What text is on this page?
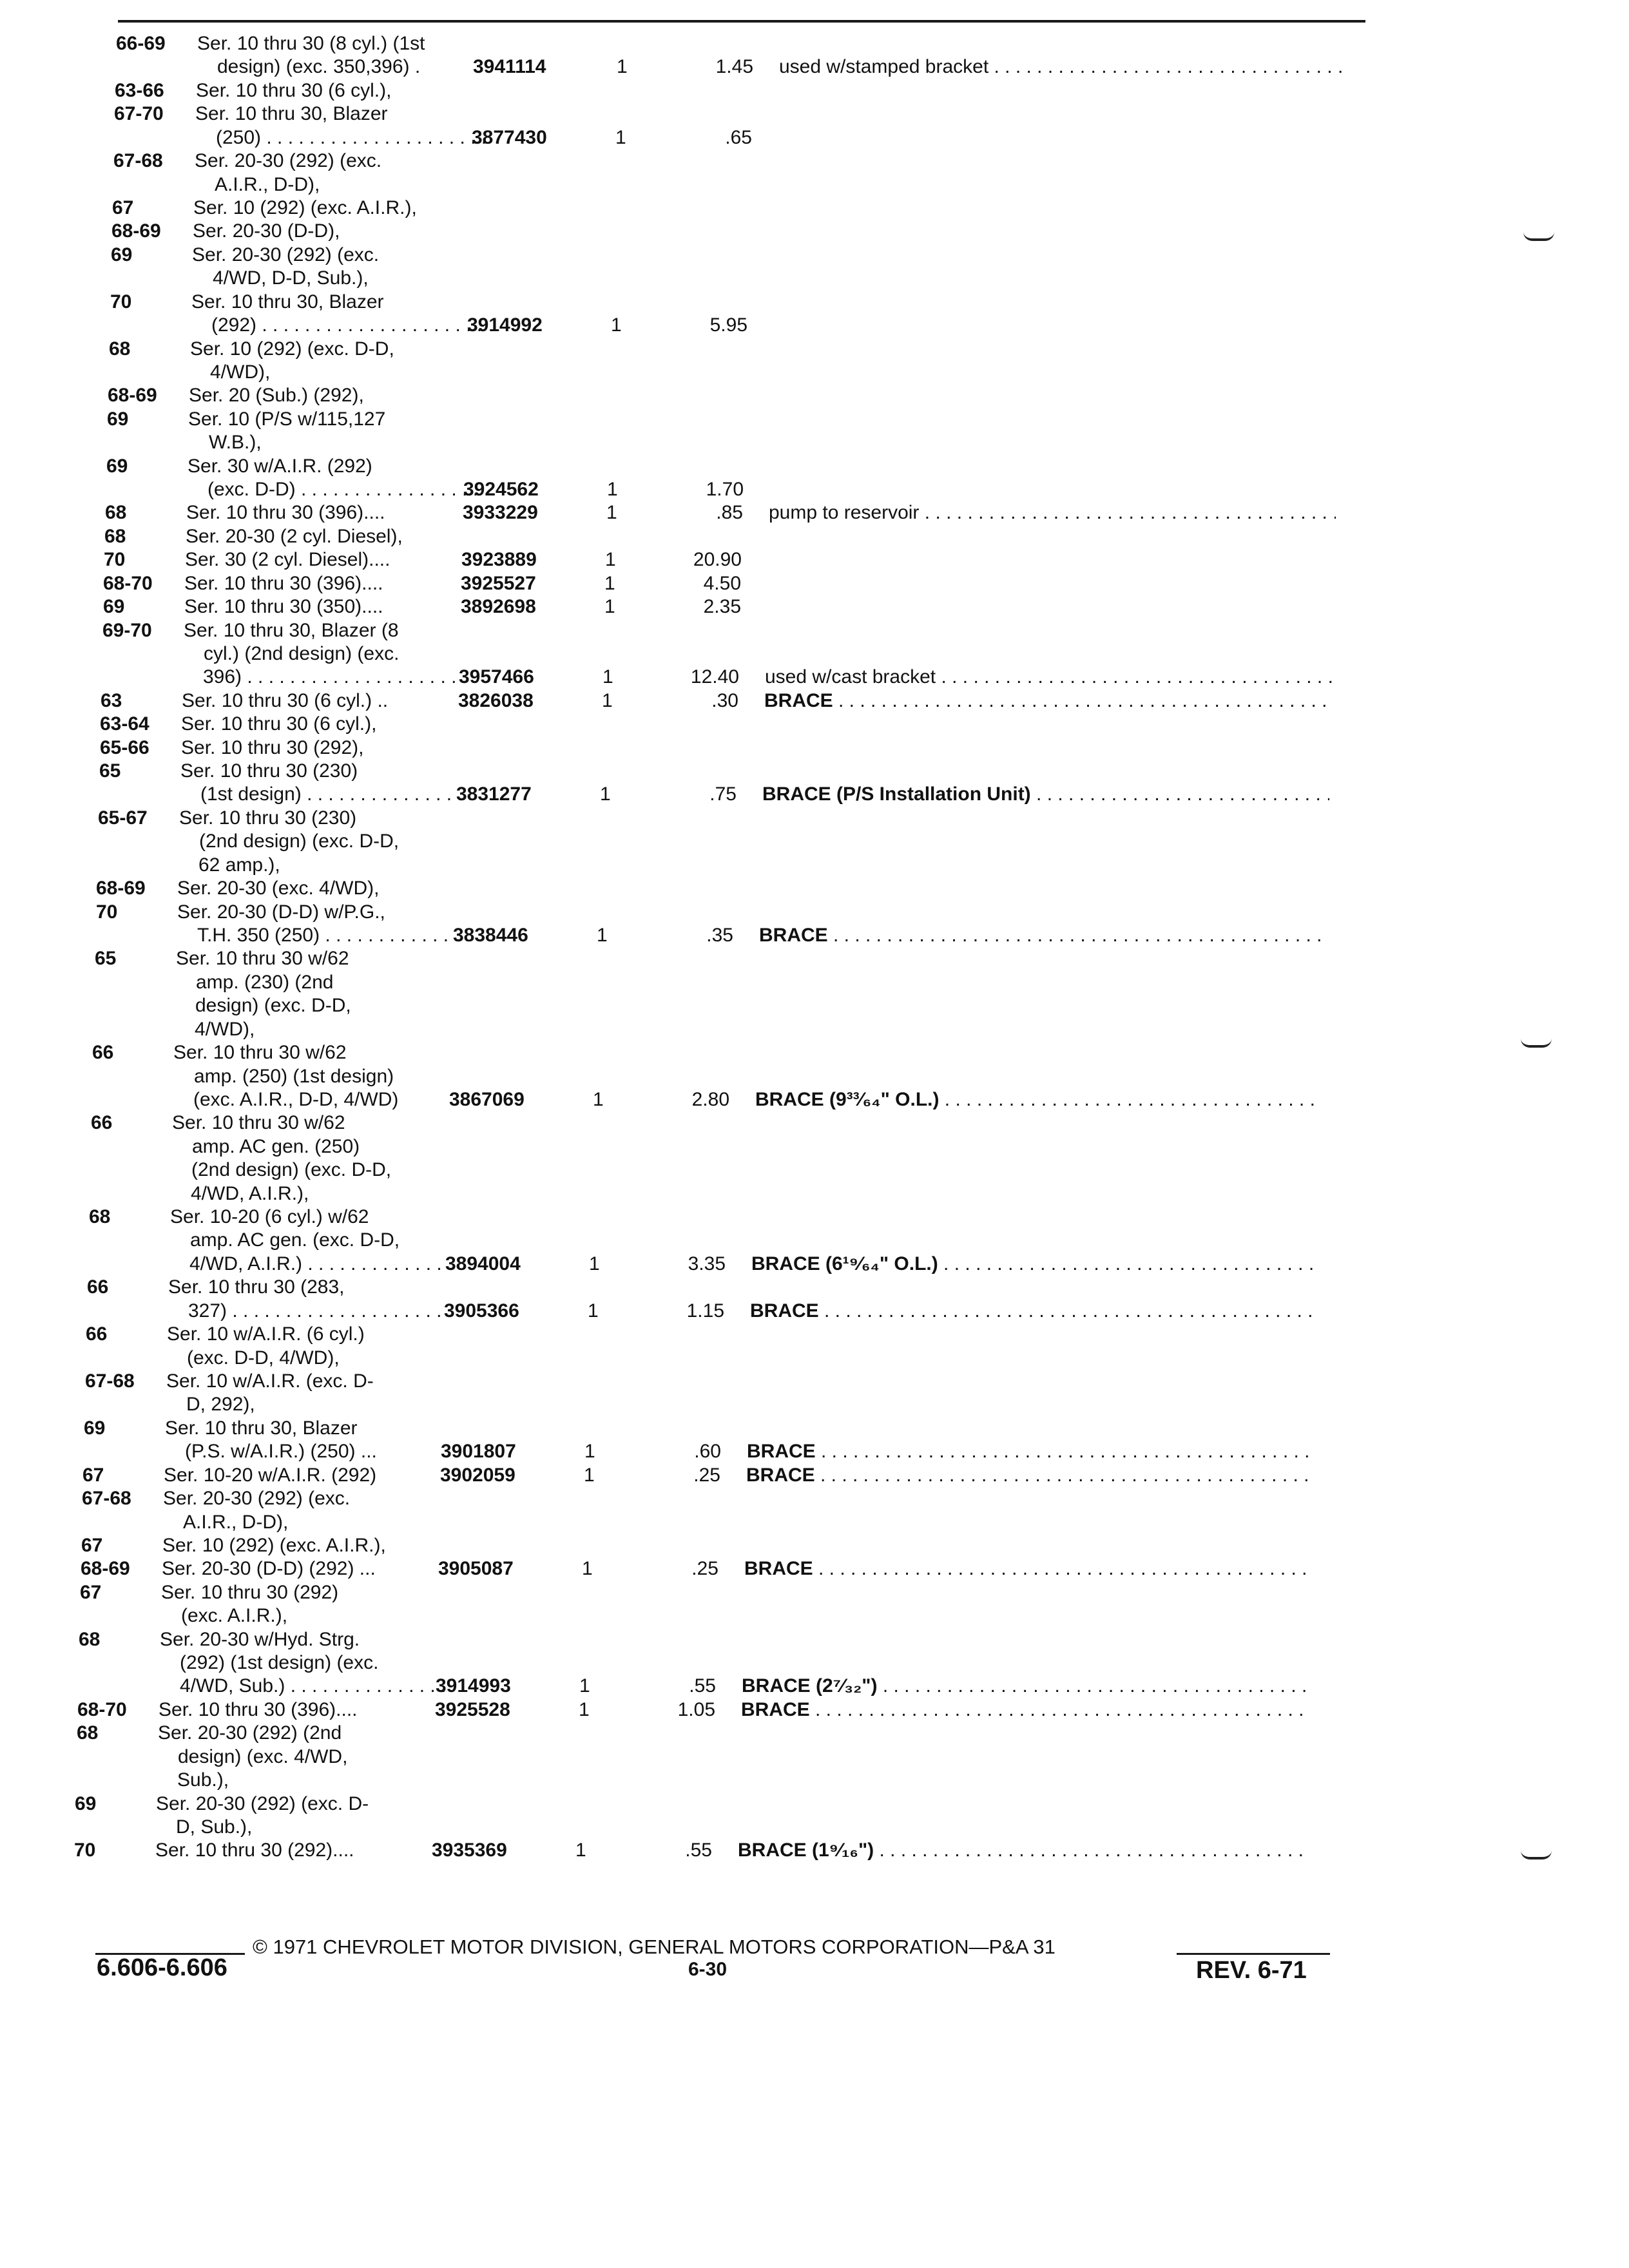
66-69	Ser. 10 thru 30 (8 cyl.) (1st
design) (exc. 350,396) .	3941114	1	1.45 used w/stamped bracket . . .
63-66	Ser. 10 thru 30 (6 cyl.),
67-70	Ser. 10 thru 30, Blazer
(250) . . .	3877430	1	.65
67-68	Ser. 20-30 (292) (exc.
A.I.R., D-D),
67	Ser. 10 (292) (exc. A.I.R.),
68-69	Ser. 20-30 (D-D),
69	Ser. 20-30 (292) (exc.
4/WD, D-D, Sub.),
70	Ser. 10 thru 30, Blazer
(292) . . .	3914992	1	5.95
68	Ser. 10 (292) (exc. D-D,
4/WD),
68-69	Ser. 20 (Sub.) (292),
69	Ser. 10 (P/S w/115,127
W.B.),
69	Ser. 30 w/A.I.R. (292)
(exc. D-D) . . .	3924562	1	1.70
68	Ser. 10 thru 30 (396)....	3933229	1	.85 pump to reservoir . . .
68	Ser. 20-30 (2 cyl. Diesel),
70	Ser. 30 (2 cyl. Diesel)....	3923889	1	20.90
68-70	Ser. 10 thru 30 (396)....	3925527	1	4.50
69	Ser. 10 thru 30 (350)....	3892698	1	2.35
69-70	Ser. 10 thru 30, Blazer (8
cyl.) (2nd design) (exc.
396) . . .	3957466	1	12.40 used w/cast bracket . . .
63	Ser. 10 thru 30 (6 cyl.) ..	3826038	1	.30 BRACE . . .
63-64	Ser. 10 thru 30 (6 cyl.),
65-66	Ser. 10 thru 30 (292),
65	Ser. 10 thru 30 (230)
(1st design) . . .	3831277	1	.75 BRACE (P/S Installation Unit) . . .
65-67	Ser. 10 thru 30 (230)
(2nd design) (exc. D-D,
62 amp.),
68-69	Ser. 20-30 (exc. 4/WD),
70	Ser. 20-30 (D-D) w/P.G.,
T.H. 350 (250) . . .	3838446	1	.35 BRACE . . .
65	Ser. 10 thru 30 w/62
amp. (230) (2nd
design) (exc. D-D,
4/WD),
66	Ser. 10 thru 30 w/62
amp. (250) (1st design)
(exc. A.I.R., D-D, 4/WD)	3867069	1	2.80 BRACE (9³³⁄₆₄" O.L.) . . .
66	Ser. 10 thru 30 w/62
amp. AC gen. (250)
(2nd design) (exc. D-D,
4/WD, A.I.R.),
68	Ser. 10-20 (6 cyl.) w/62
amp. AC gen. (exc. D-D,
4/WD, A.I.R.) . . .	3894004	1	3.35 BRACE (6¹⁹⁄₆₄" O.L.) . . .
66	Ser. 10 thru 30 (283,
327) . . .	3905366	1	1.15 BRACE . . .
66	Ser. 10 w/A.I.R. (6 cyl.)
(exc. D-D, 4/WD),
67-68	Ser. 10 w/A.I.R. (exc. D-
D, 292),
69	Ser. 10 thru 30, Blazer
(P.S. w/A.I.R.) (250) ...	3901807	1	.60 BRACE . . .
67	Ser. 10-20 w/A.I.R. (292)	3902059	1	.25 BRACE . . .
67-68	Ser. 20-30 (292) (exc.
A.I.R., D-D),
67	Ser. 10 (292) (exc. A.I.R.),
68-69	Ser. 20-30 (D-D) (292) ...	3905087	1	.25 BRACE . . .
67	Ser. 10 thru 30 (292)
(exc. A.I.R.),
68	Ser. 20-30 w/Hyd. Strg.
(292) (1st design) (exc.
4/WD, Sub.) . . .	3914993	1	.55 BRACE (2⁷⁄₃₂") . . .
68-70	Ser. 10 thru 30 (396)....	3925528	1	1.05 BRACE . . .
68	Ser. 20-30 (292) (2nd
design) (exc. 4/WD,
Sub.),
69	Ser. 20-30 (292) (exc. D-
D, Sub.),
70	Ser. 10 thru 30 (292)....	3935369	1	.55 BRACE (1⁹⁄₁₆") . . .
© 1971 CHEVROLET MOTOR DIVISION, GENERAL MOTORS CORPORATION—P&A 31
6.606-6.606	6-30	REV. 6-71
